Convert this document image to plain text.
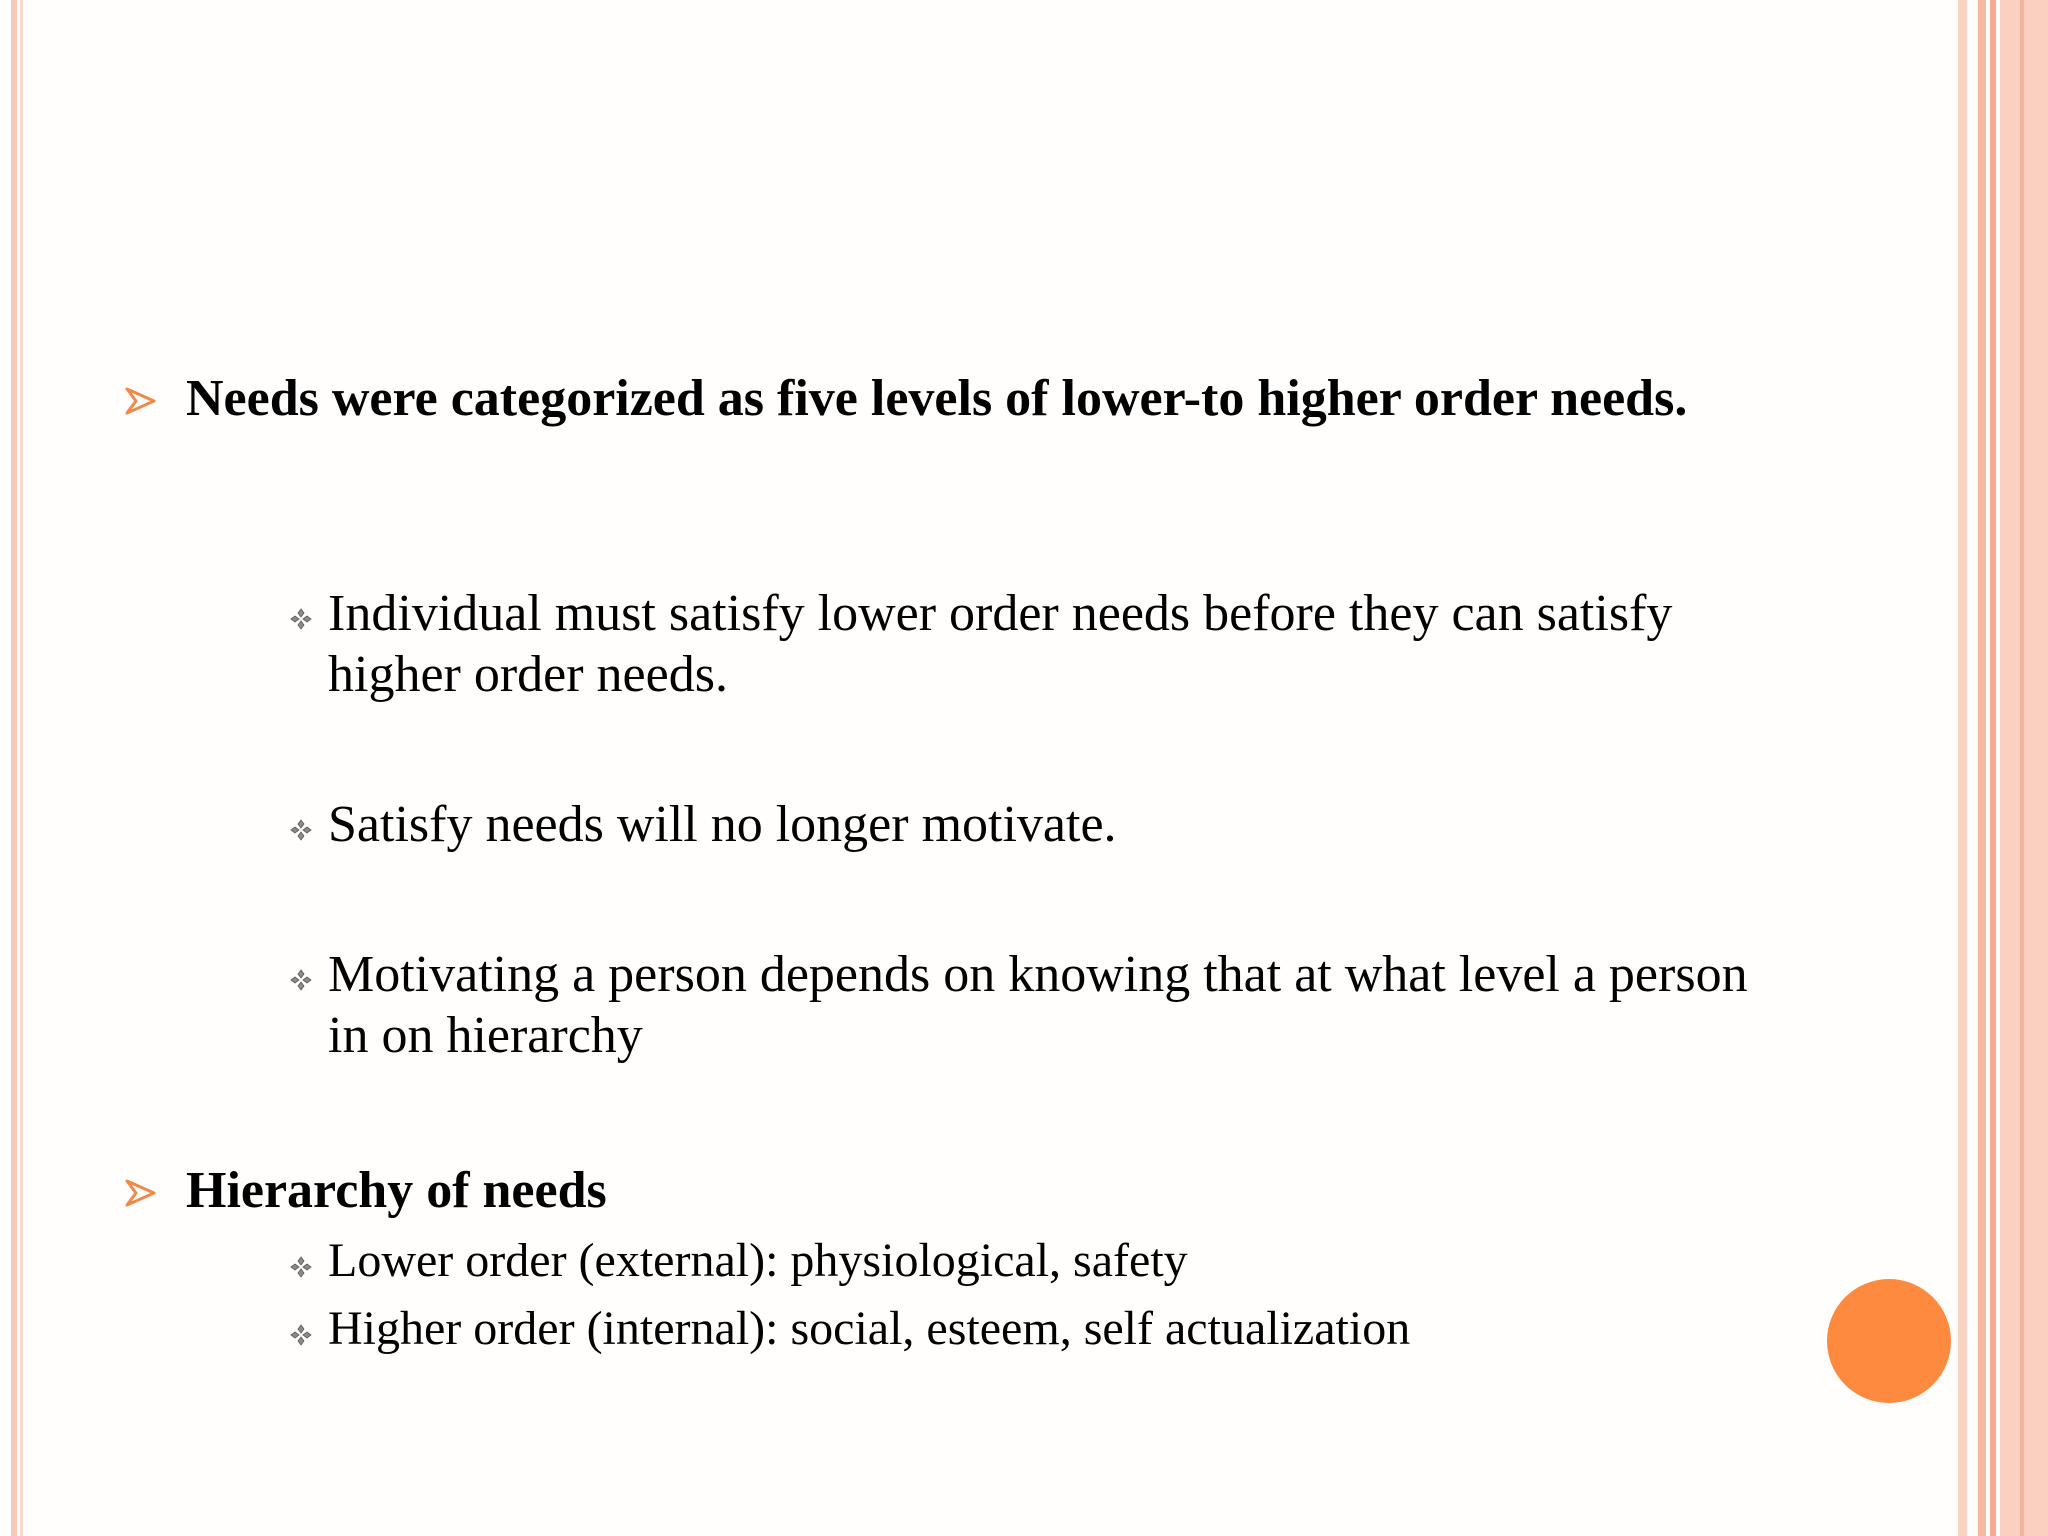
Needs were categorized as five levels of lower-to higher order needs.
Individual must satisfy lower order needs before they can satisfy higher order needs.
Satisfy needs will no longer motivate.
Motivating a person depends on knowing that at what level a person in on hierarchy
Hierarchy of needs
Lower order (external): physiological, safety
Higher order (internal): social, esteem, self actualization
